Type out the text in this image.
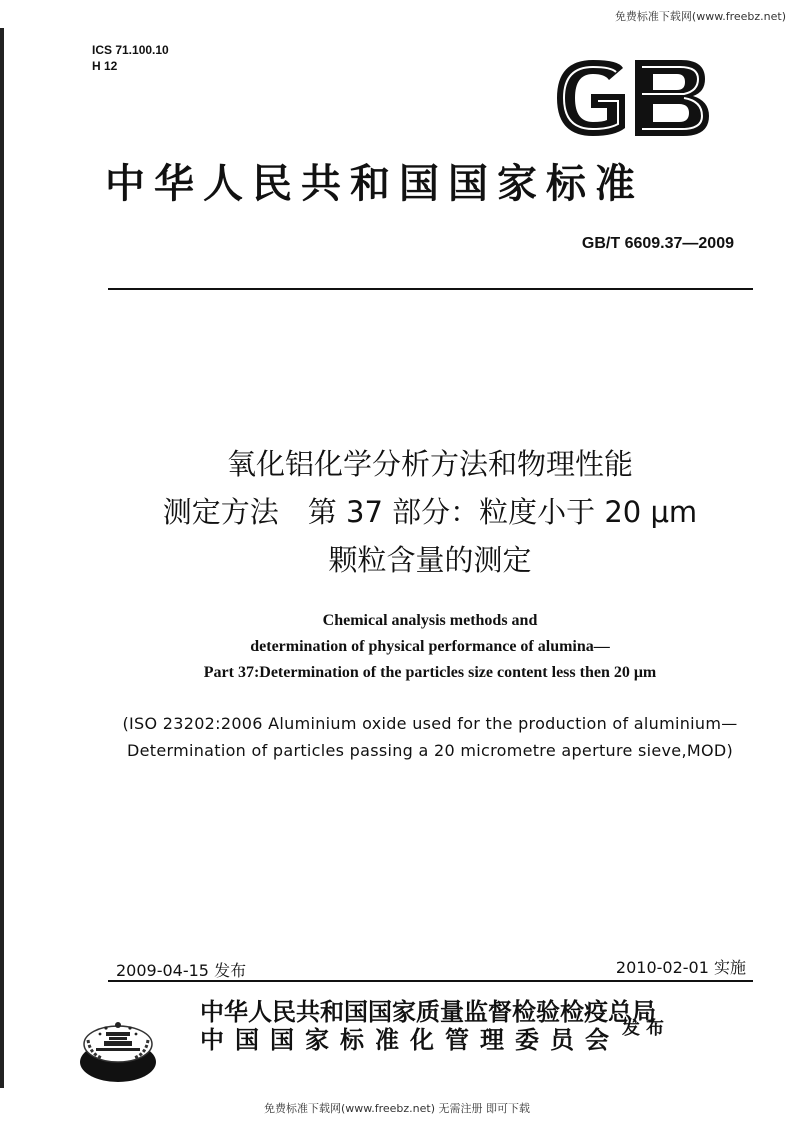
免费标准下载网(www.freebz.net)
ICS 71.100.10
H 12
中华人民共和国国家标准
GB/T 6609.37—2009
氧化铝化学分析方法和物理性能
测定方法　第 37 部分：粒度小于 20 μm
颗粒含量的测定
Chemical analysis methods and
determination of physical performance of alumina—
Part 37:Determination of the particles size content less then 20 μm
(ISO 23202:2006 Aluminium oxide used for the production of aluminium—
Determination of particles passing a 20 micrometre aperture sieve,MOD)
2009-04-15 发布	2010-02-01 实施
中华人民共和国国家质量监督检验检疫总局
中国国家标准化管理委员会 发布
免费标准下载网(www.freebz.net) 无需注册 即可下载
